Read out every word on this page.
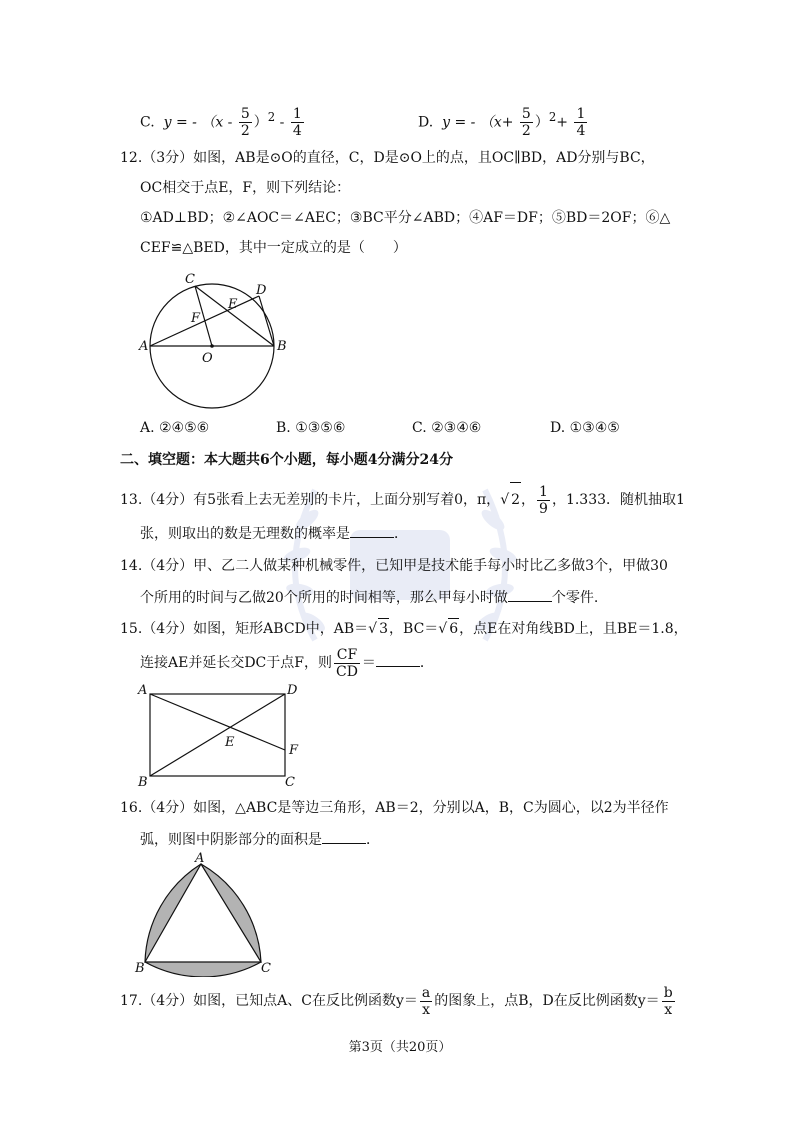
C. y = - $(x - \frac{5}{2} )^2 - \frac{1}{4}$	D. y = - $(x+ \frac{5}{2} )^2+ \frac{1}{4}$
12.（3分）如图，AB是⊙O的直径，C，D是⊙O上的点，且OC∥BD，AD分别与BC，
OC相交于点E，F，则下列结论：
①AD⊥BD；②∠AOC＝∠AEC；③BC平分∠ABD；④AF＝DF；⑤BD＝2OF；⑥△
CEF≌△BED，其中一定成立的是（　　）
A	B
C
D
E
F
O
A. ②④⑤⑥	B. ①③⑤⑥	C. ②③④⑥	D. ①③④⑤
二、填空题：本大题共6个小题，每小题4分满分24分
13.（4分）有5张看上去无差别的卡片，上面分别写着0，π，√ 2， $\frac{1}{9}$ ，1.333．随机抽取1
张，则取出的数是无理数的概率是	．
14.（4分）甲、乙二人做某种机械零件，已知甲是技术能手每小时比乙多做3个，甲做30
个所用的时间与乙做20个所用的时间相等，那么甲每小时做	个零件.
15.（4分）如图，矩形ABCD中，AB＝√ 3，BC＝√ 6，点E在对角线BD上，且BE＝1.8，
连接AE并延长交DC于点F，则 $\frac{CF}{CD}$ ＝	．
A	D
B	C
E
F
16.（4分）如图，△ABC是等边三角形，AB＝2，分别以A，B，C为圆心，以2为半径作
弧，则图中阴影部分的面积是	．
A
B	C
17.（4分）如图，已知点A、C在反比例函数$y= \frac{a}{x}$ 的图象上，点B，D在反比例函数$y= \frac{b}{x}$
第3页（共20页）
